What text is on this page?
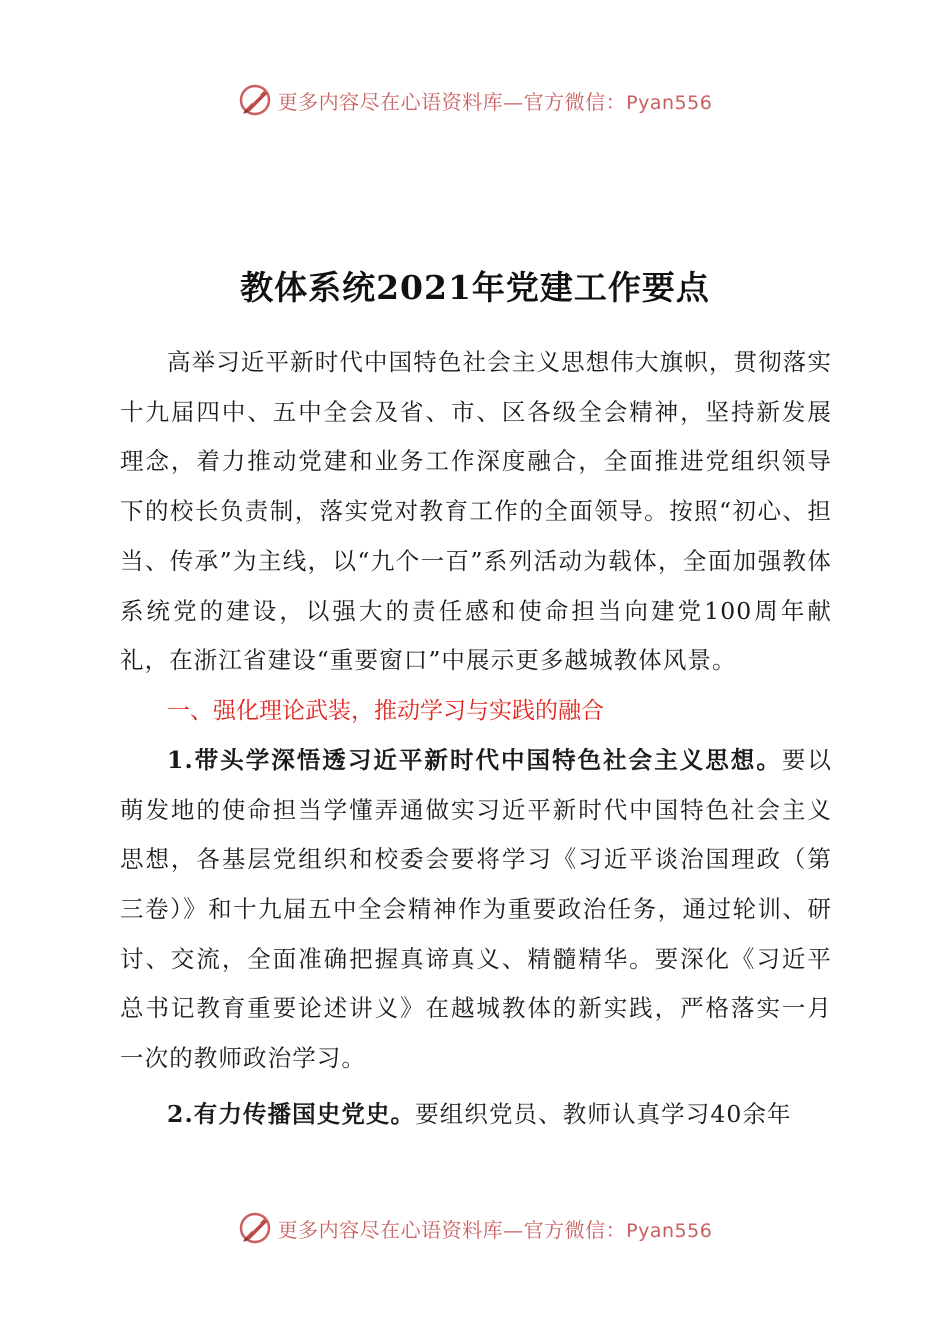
更多内容尽在心语资料库—官方微信：Pyan556
教体系统2021年党建工作要点

高举习近平新时代中国特色社会主义思想伟大旗帜，贯彻落实十九届四中、五中全会及省、市、区各级全会精神，坚持新发展理念，着力推动党建和业务工作深度融合，全面推进党组织领导下的校长负责制，落实党对教育工作的全面领导。按照“初心、担当、传承”为主线，以“九个一百”系列活动为载体，全面加强教体系统党的建设，以强大的责任感和使命担当向建党100周年献礼，在浙江省建设“重要窗口”中展示更多越城教体风景。

一、强化理论武装，推动学习与实践的融合

1.带头学深悟透习近平新时代中国特色社会主义思想。要以萌发地的使命担当学懂弄通做实习近平新时代中国特色社会主义思想，各基层党组织和校委会要将学习《习近平谈治国理政（第三卷）》和十九届五中全会精神作为重要政治任务，通过轮训、研讨、交流，全面准确把握真谛真义、精髓精华。要深化《习近平总书记教育重要论述讲义》在越城教体的新实践，严格落实一月一次的教师政治学习。

2.有力传播国史党史。要组织党员、教师认真学习40余年

更多内容尽在心语资料库—官方微信：Pyan556
